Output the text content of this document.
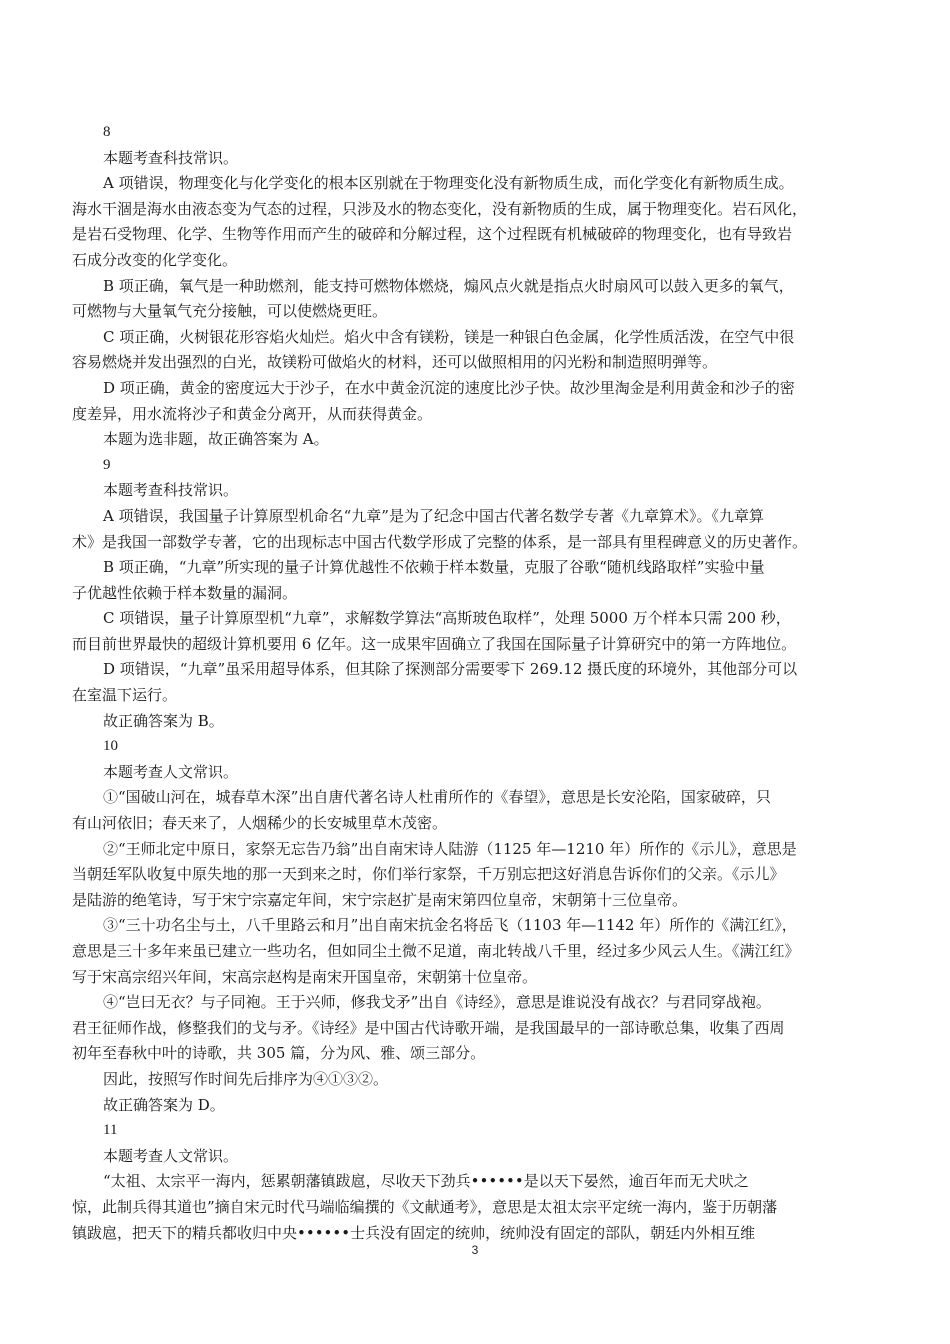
8
本题考查科技常识。
A 项错误，物理变化与化学变化的根本区别就在于物理变化没有新物质生成，而化学变化有新物质生成。
海水干涸是海水由液态变为气态的过程，只涉及水的物态变化，没有新物质的生成，属于物理变化。岩石风化，
是岩石受物理、化学、生物等作用而产生的破碎和分解过程，这个过程既有机械破碎的物理变化，也有导致岩
石成分改变的化学变化。
B 项正确，氧气是一种助燃剂，能支持可燃物体燃烧，煽风点火就是指点火时扇风可以鼓入更多的氧气，
可燃物与大量氧气充分接触，可以使燃烧更旺。
C 项正确，火树银花形容焰火灿烂。焰火中含有镁粉，镁是一种银白色金属，化学性质活泼，在空气中很
容易燃烧并发出强烈的白光，故镁粉可做焰火的材料，还可以做照相用的闪光粉和制造照明弹等。
D 项正确，黄金的密度远大于沙子，在水中黄金沉淀的速度比沙子快。故沙里淘金是利用黄金和沙子的密
度差异，用水流将沙子和黄金分离开，从而获得黄金。
本题为选非题，故正确答案为 A。
9
本题考查科技常识。
A 项错误，我国量子计算原型机命名“九章”是为了纪念中国古代著名数学专著《九章算术》。《九章算
术》是我国一部数学专著，它的出现标志中国古代数学形成了完整的体系，是一部具有里程碑意义的历史著作。
B 项正确，“九章”所实现的量子计算优越性不依赖于样本数量，克服了谷歌“随机线路取样”实验中量
子优越性依赖于样本数量的漏洞。
C 项错误，量子计算原型机“九章”，求解数学算法“高斯玻色取样”，处理 5000 万个样本只需 200 秒，
而目前世界最快的超级计算机要用 6 亿年。这一成果牢固确立了我国在国际量子计算研究中的第一方阵地位。
D 项错误，“九章”虽采用超导体系，但其除了探测部分需要零下 269.12 摄氏度的环境外，其他部分可以
在室温下运行。
故正确答案为 B。
10
本题考查人文常识。
①“国破山河在，城春草木深”出自唐代著名诗人杜甫所作的《春望》，意思是长安沦陷，国家破碎，只
有山河依旧；春天来了，人烟稀少的长安城里草木茂密。
②“王师北定中原日，家祭无忘告乃翁”出自南宋诗人陆游（1125 年—1210 年）所作的《示儿》，意思是
当朝廷军队收复中原失地的那一天到来之时，你们举行家祭，千万别忘把这好消息告诉你们的父亲。《示儿》
是陆游的绝笔诗，写于宋宁宗嘉定年间，宋宁宗赵扩是南宋第四位皇帝，宋朝第十三位皇帝。
③“三十功名尘与土，八千里路云和月”出自南宋抗金名将岳飞（1103 年—1142 年）所作的《满江红》，
意思是三十多年来虽已建立一些功名，但如同尘土微不足道，南北转战八千里，经过多少风云人生。《满江红》
写于宋高宗绍兴年间，宋高宗赵构是南宋开国皇帝，宋朝第十位皇帝。
④“岂曰无衣？与子同袍。王于兴师，修我戈矛”出自《诗经》，意思是谁说没有战衣？与君同穿战袍。
君王征师作战，修整我们的戈与矛。《诗经》是中国古代诗歌开端，是我国最早的一部诗歌总集，收集了西周
初年至春秋中叶的诗歌，共 305 篇，分为风、雅、颂三部分。
因此，按照写作时间先后排序为④①③②。
故正确答案为 D。
11
本题考查人文常识。
“太祖、太宗平一海内，惩累朝藩镇跋扈，尽收天下劲兵••••••是以天下晏然，逾百年而无犬吠之
惊，此制兵得其道也”摘自宋元时代马端临编撰的《文献通考》，意思是太祖太宗平定统一海内，鉴于历朝藩
镇跋扈，把天下的精兵都收归中央••••••士兵没有固定的统帅，统帅没有固定的部队，朝廷内外相互维
3
